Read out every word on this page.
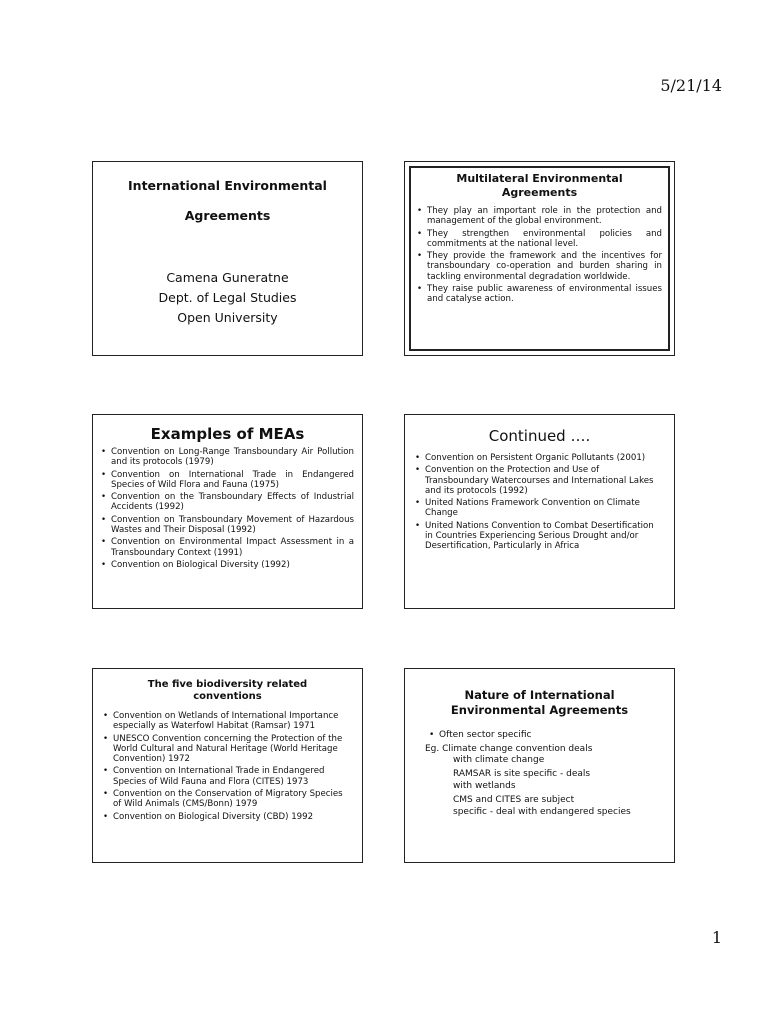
5/21/14
International Environmental
Agreements
Camena Guneratne
Dept. of Legal Studies
Open University
Multilateral Environmental Agreements
• They play an important role in the protection and management of the global environment.
• They strengthen environmental policies and commitments at the national level.
• They provide the framework and the incentives for transboundary co-operation and burden sharing in tackling environmental degradation worldwide.
• They raise public awareness of environmental issues and catalyse action.
Examples of MEAs
• Convention on Long-Range Transboundary Air Pollution and its protocols (1979)
• Convention on International Trade in Endangered Species of Wild Flora and Fauna (1975)
• Convention on the Transboundary Effects of Industrial Accidents (1992)
• Convention on Transboundary Movement of Hazardous Wastes and Their Disposal (1992)
• Convention on Environmental Impact Assessment in a Transboundary Context (1991)
• Convention on Biological Diversity (1992)
Continued ….
• Convention on Persistent Organic Pollutants (2001)
• Convention on the Protection and Use of Transboundary Watercourses and International Lakes and its protocols (1992)
• United Nations Framework Convention on Climate Change
• United Nations Convention to Combat Desertification in Countries Experiencing Serious Drought and/or Desertification, Particularly in Africa
The five biodiversity related
conventions
• Convention on Wetlands of International Importance especially as Waterfowl Habitat (Ramsar) 1971
• UNESCO Convention concerning the Protection of the World Cultural and Natural Heritage (World Heritage Convention) 1972
• Convention on International Trade in Endangered Species of Wild Fauna and Flora (CITES) 1973
• Convention on the Conservation of Migratory Species of Wild Animals (CMS/Bonn) 1979
• Convention on Biological Diversity (CBD) 1992
Nature of International
Environmental Agreements
• Often sector specific
Eg. Climate change convention deals
with climate change
RAMSAR is site specific - deals
with wetlands
CMS and CITES are subject
specific - deal with endangered species
1
